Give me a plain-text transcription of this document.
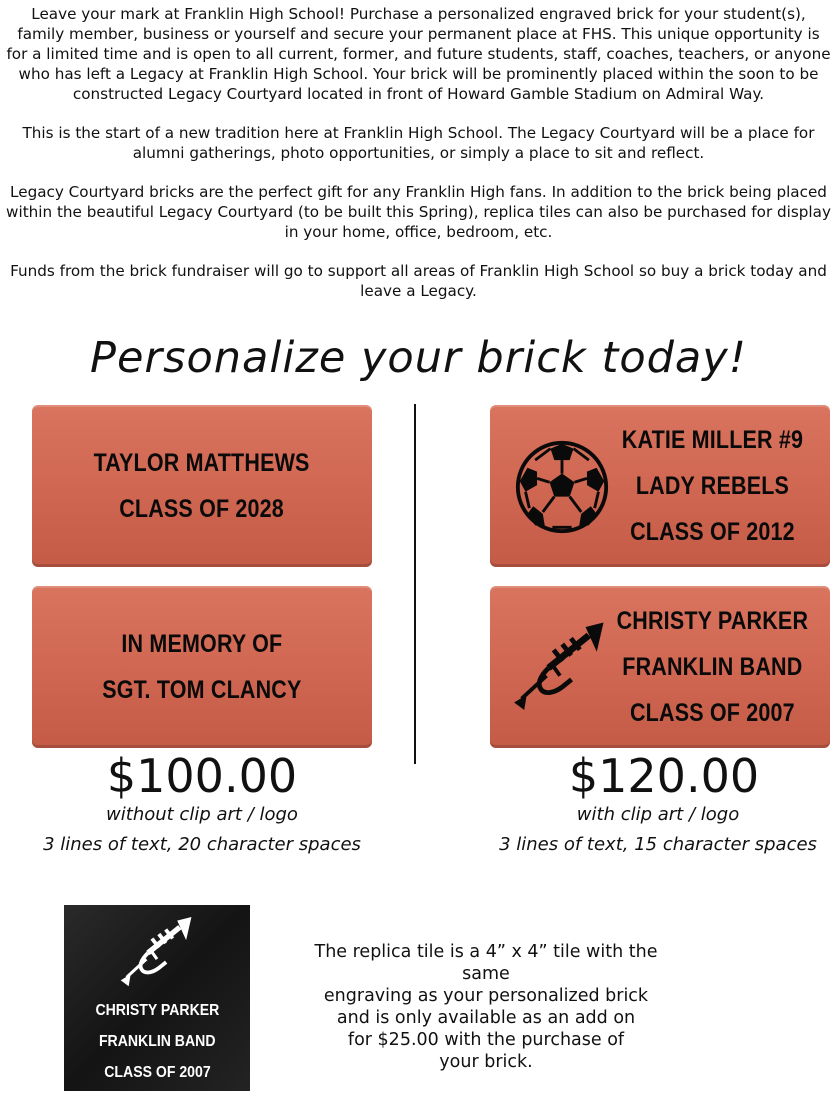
Leave your mark at Franklin High School! Purchase a personalized engraved brick for your student(s), family member, business or yourself and secure your permanent place at FHS. This unique opportunity is for a limited time and is open to all current, former, and future students, staff, coaches, teachers, or anyone who has left a Legacy at Franklin High School. Your brick will be prominently placed within the soon to be constructed Legacy Courtyard located in front of Howard Gamble Stadium on Admiral Way.

This is the start of a new tradition here at Franklin High School. The Legacy Courtyard will be a place for alumni gatherings, photo opportunities, or simply a place to sit and reflect.

Legacy Courtyard bricks are the perfect gift for any Franklin High fans. In addition to the brick being placed within the beautiful Legacy Courtyard (to be built this Spring), replica tiles can also be purchased for display in your home, office, bedroom, etc.

Funds from the brick fundraiser will go to support all areas of Franklin High School so buy a brick today and leave a Legacy.

Personalize your brick today!
TAYLOR MATTHEWS
CLASS OF 2028
IN MEMORY OF
SGT. TOM CLANCY
KATIE MILLER #9
LADY REBELS
CLASS OF 2012
CHRISTY PARKER
FRANKLIN BAND
CLASS OF 2007
$100.00
without clip art / logo
3 lines of text, 20 character spaces
$120.00
with clip art / logo
3 lines of text, 15 character spaces
CHRISTY PARKER
FRANKLIN BAND
CLASS OF 2007
The replica tile is a 4” x 4” tile with the same
engraving as your personalized brick
and is only available as an add on
for $25.00 with the purchase of
your brick.
